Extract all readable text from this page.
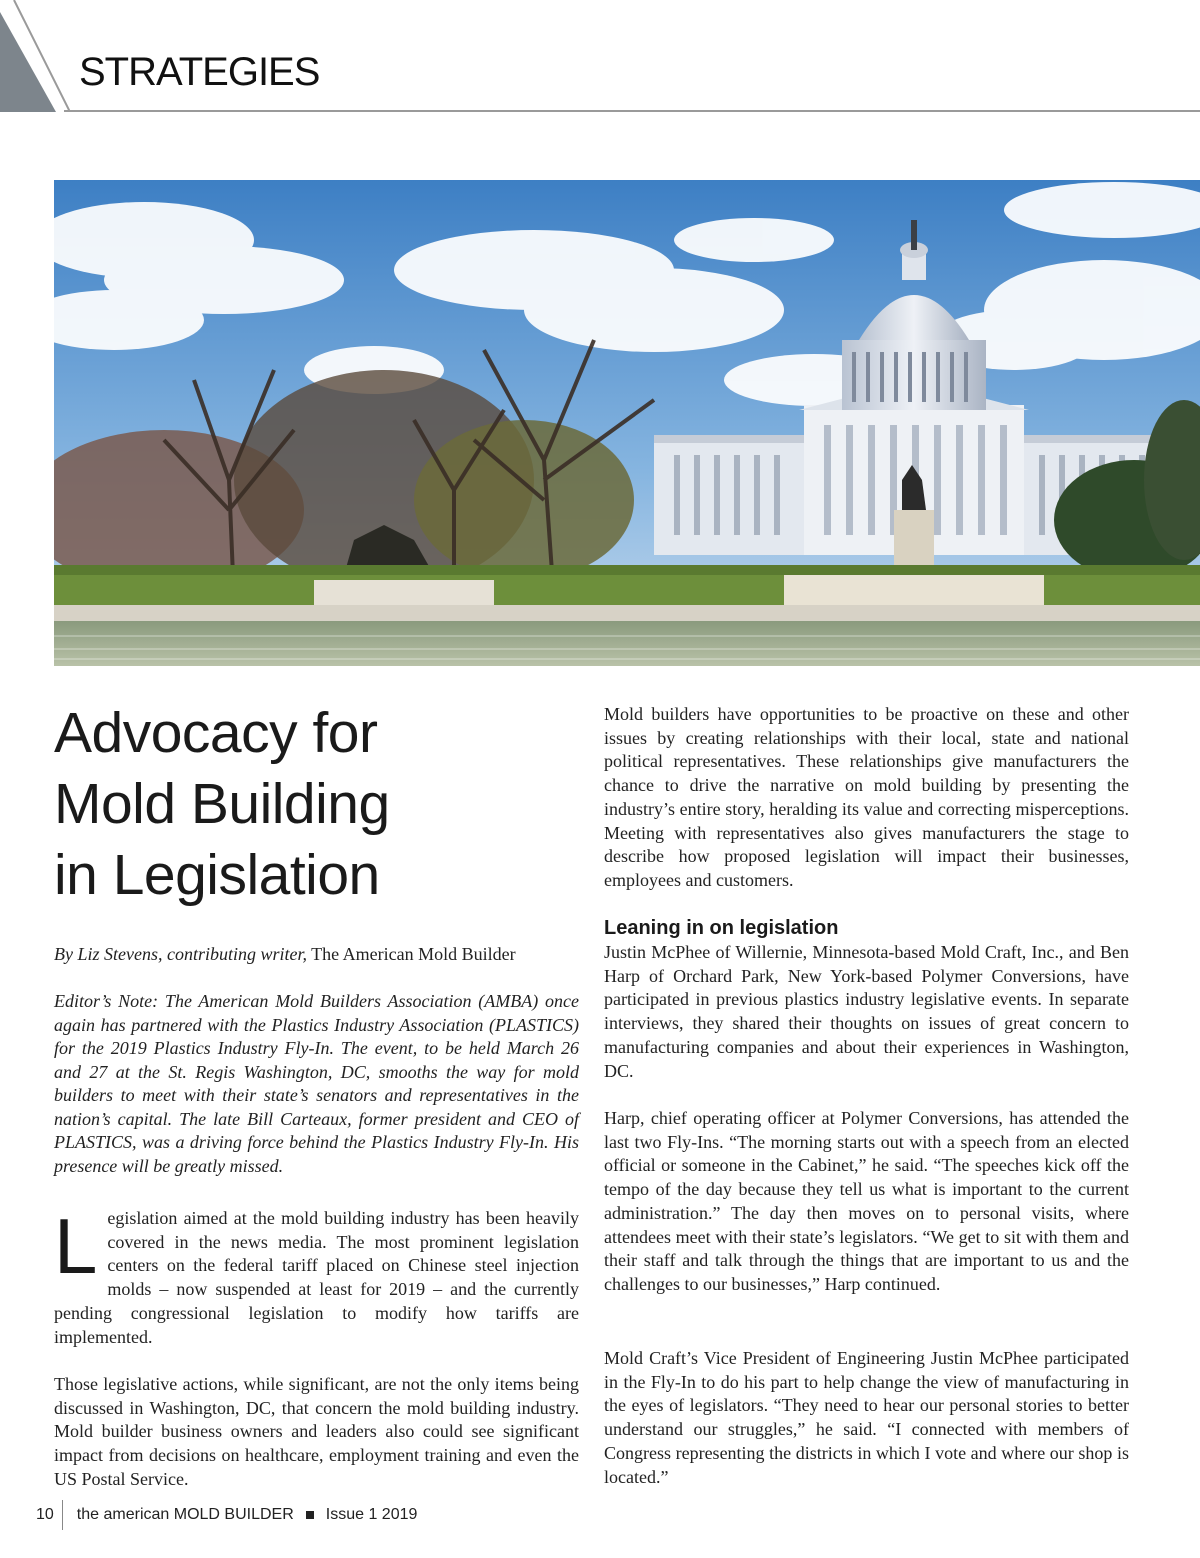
STRATEGIES
Advocacy for
Mold Building
in Legislation

By Liz Stevens, contributing writer, The American Mold Builder

Editor’s Note: The American Mold Builders Association (AMBA) once again has partnered with the Plastics Industry Association (PLASTICS) for the 2019 Plastics Industry Fly-In. The event, to be held March 26 and 27 at the St. Regis Washington, DC, smooths the way for mold builders to meet with their state’s senators and representatives in the nation’s capital. The late Bill Carteaux, former president and CEO of PLASTICS, was a driving force behind the Plastics Industry Fly-In. His presence will be greatly missed.

L egislation aimed at the mold building industry has been heavily covered in the news media. The most prominent legislation centers on the federal tariff placed on Chinese steel injection molds – now suspended at least for 2019 – and the currently pending congressional legislation to modify how tariffs are implemented.

Those legislative actions, while significant, are not the only items being discussed in Washington, DC, that concern the mold building industry. Mold builder business owners and leaders also could see significant impact from decisions on healthcare, employment training and even the US Postal Service.

Mold builders have opportunities to be proactive on these and other issues by creating relationships with their local, state and national political representatives. These relationships give manufacturers the chance to drive the narrative on mold building by presenting the industry’s entire story, heralding its value and correcting misperceptions. Meeting with representatives also gives manufacturers the stage to describe how proposed legislation will impact their businesses, employees and customers.

Leaning in on legislation

Justin McPhee of Willernie, Minnesota-based Mold Craft, Inc., and Ben Harp of Orchard Park, New York-based Polymer Conversions, have participated in previous plastics industry legislative events. In separate interviews, they shared their thoughts on issues of great concern to manufacturing companies and about their experiences in Washington, DC.

Harp, chief operating officer at Polymer Conversions, has attended the last two Fly-Ins. “The morning starts out with a speech from an elected official or someone in the Cabinet,” he said. “The speeches kick off the tempo of the day because they tell us what is important to the current administration.” The day then moves on to personal visits, where attendees meet with their state’s legislators. “We get to sit with them and their staff and talk through the things that are important to us and the challenges to our businesses,” Harp continued.

Mold Craft’s Vice President of Engineering Justin McPhee participated in the Fly-In to do his part to help change the view of manufacturing in the eyes of legislators. “They need to hear our personal stories to better understand our struggles,” he said. “I connected with members of Congress representing the districts in which I vote and where our shop is located.”

10	the american MOLD BUILDER Issue 1 2019
